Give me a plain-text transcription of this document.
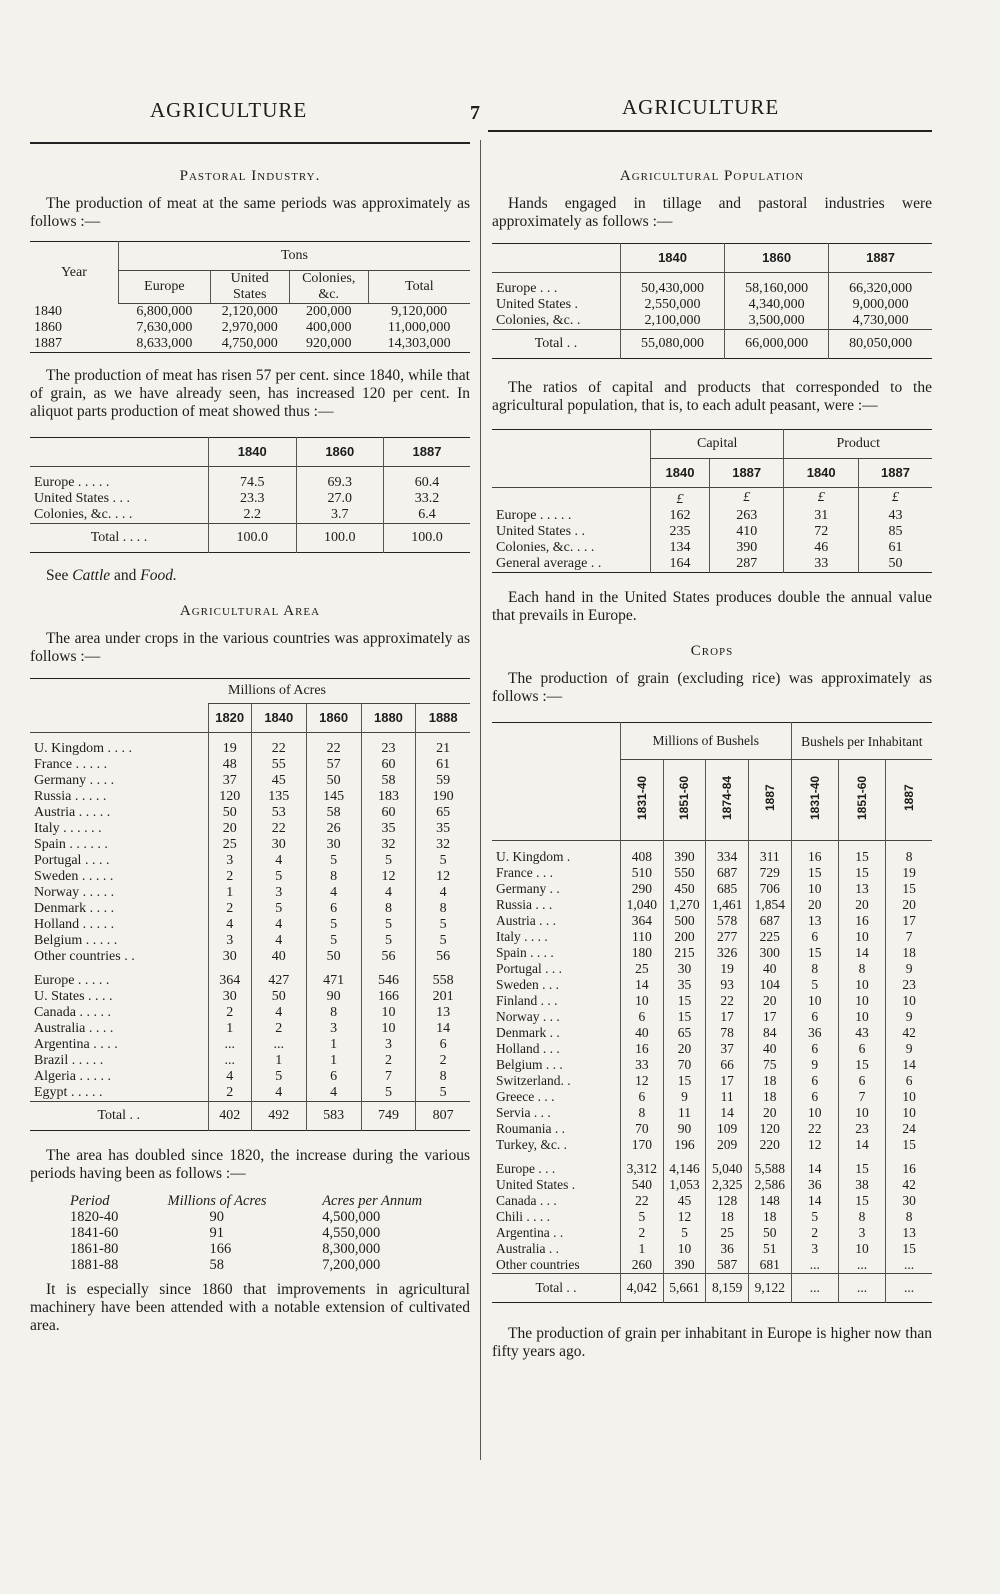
AGRICULTURE	7	AGRICULTURE
Pastoral Industry.

The production of meat at the same periods was approximately as follows :—

Year	Tons			
	Europe	United States	Colonies, &c.	Total
1840	6,800,000	2,120,000	200,000	9,120,000
1860	7,630,000	2,970,000	400,000	11,000,000
1887	8,633,000	4,750,000	920,000	14,303,000

The production of meat has risen 57 per cent. since 1840, while that of grain, as we have already seen, has increased 120 per cent. In aliquot parts production of meat showed thus :—

	1840	1860	1887
Europe . . . . .	74.5	69.3	60.4
United States . . .	23.3	27.0	33.2
Colonies, &c. . . .	2.2	3.7	6.4
Total . . . .	100.0	100.0	100.0

See Cattle and Food.

Agricultural Area

The area under crops in the various countries was approximately as follows :—

	Millions of Acres				
	1820	1840	1860	1880	1888
U. Kingdom . . . .	19	22	22	23	21
France . . . . .	48	55	57	60	61
Germany . . . .	37	45	50	58	59
Russia . . . . .	120	135	145	183	190
Austria . . . . .	50	53	58	60	65
Italy . . . . . .	20	22	26	35	35
Spain . . . . . .	25	30	30	32	32
Portugal . . . .	3	4	5	5	5
Sweden . . . . .	2	5	8	12	12
Norway . . . . .	1	3	4	4	4
Denmark . . . .	2	5	6	8	8
Holland . . . . .	4	4	5	5	5
Belgium . . . . .	3	4	5	5	5
Other countries . .	30	40	50	56	56
Europe . . . . .	364	427	471	546	558
U. States . . . .	30	50	90	166	201
Canada . . . . .	2	4	8	10	13
Australia . . . .	1	2	3	10	14
Argentina . . . .	...	...	1	3	6
Brazil . . . . .	...	1	1	2	2
Algeria . . . . .	4	5	6	7	8
Egypt . . . . .	2	4	4	5	5
Total . .	402	492	583	749	807

The area has doubled since 1820, the increase during the various periods having been as follows :—

Period	Millions of Acres	Acres per Annum
1820-40	90	4,500,000
1841-60	91	4,550,000
1861-80	166	8,300,000
1881-88	58	7,200,000

It is especially since 1860 that improvements in agricultural machinery have been attended with a notable extension of cultivated area.

Agricultural Population

Hands engaged in tillage and pastoral industries were approximately as follows :—

	1840	1860	1887
Europe . . .	50,430,000	58,160,000	66,320,000
United States .	2,550,000	4,340,000	9,000,000
Colonies, &c. .	2,100,000	3,500,000	4,730,000
Total . .	55,080,000	66,000,000	80,050,000

The ratios of capital and products that corresponded to the agricultural population, that is, to each adult peasant, were :—

	Capital		Product	
	1840	1887	1840	1887
	£	£	£	£
Europe . . . . .	162	263	31	43
United States . .	235	410	72	85
Colonies, &c. . . .	134	390	46	61
General average . .	164	287	33	50

Each hand in the United States produces double the annual value that prevails in Europe.

Crops

The production of grain (excluding rice) was approximately as follows :—

	Millions of Bushels				Bushels per Inhabitant		
	1831-40	1851-60	1874-84	1887	1831-40	1851-60	1887
U. Kingdom .	408	390	334	311	16	15	8
France . . .	510	550	687	729	15	15	19
Germany . .	290	450	685	706	10	13	15
Russia . . .	1,040	1,270	1,461	1,854	20	20	20
Austria . . .	364	500	578	687	13	16	17
Italy . . . .	110	200	277	225	6	10	7
Spain . . . .	180	215	326	300	15	14	18
Portugal . . .	25	30	19	40	8	8	9
Sweden . . .	14	35	93	104	5	10	23
Finland . . .	10	15	22	20	10	10	10
Norway . . .	6	15	17	17	6	10	9
Denmark . .	40	65	78	84	36	43	42
Holland . . .	16	20	37	40	6	6	9
Belgium . . .	33	70	66	75	9	15	14
Switzerland. .	12	15	17	18	6	6	6
Greece . . .	6	9	11	18	6	7	10
Servia . . .	8	11	14	20	10	10	10
Roumania . .	70	90	109	120	22	23	24
Turkey, &c. .	170	196	209	220	12	14	15
Europe . . .	3,312	4,146	5,040	5,588	14	15	16
United States .	540	1,053	2,325	2,586	36	38	42
Canada . . .	22	45	128	148	14	15	30
Chili . . . .	5	12	18	18	5	8	8
Argentina . .	2	5	25	50	2	3	13
Australia . .	1	10	36	51	3	10	15
Other countries	260	390	587	681	...	...	...
Total . .	4,042	5,661	8,159	9,122	...	...	...

The production of grain per inhabitant in Europe is higher now than fifty years ago.
